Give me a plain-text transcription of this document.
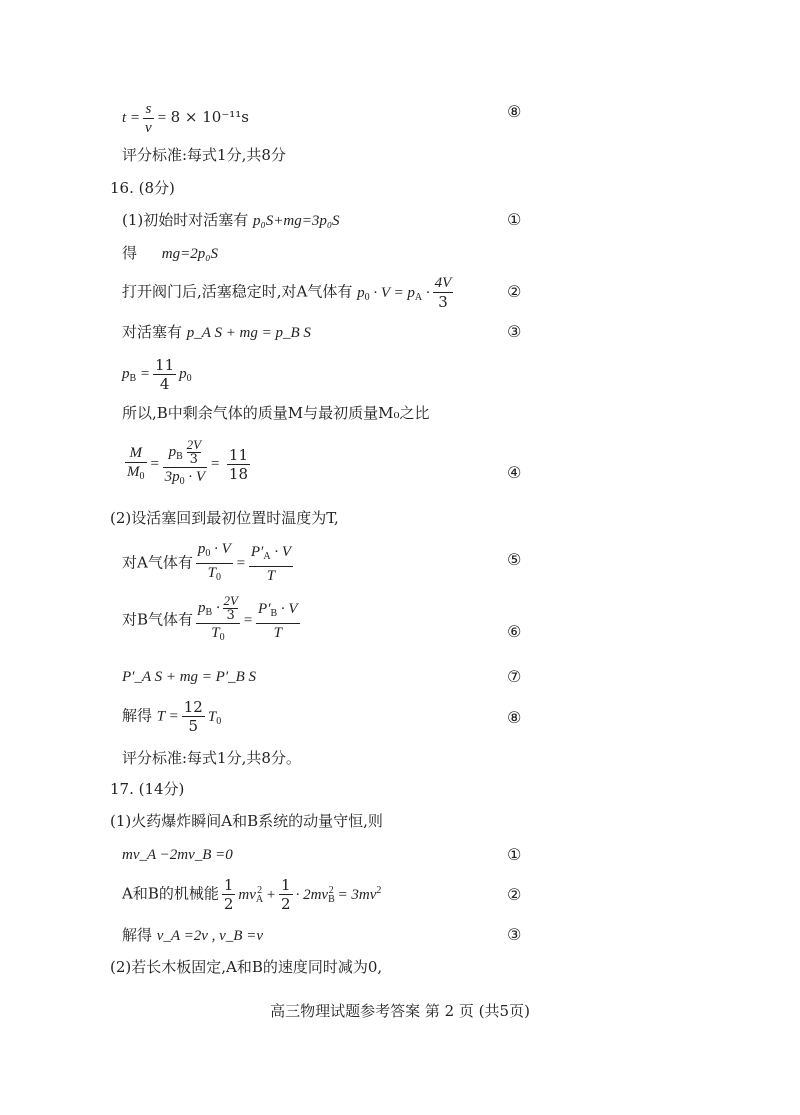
$t = \frac{s}{v} = 8 \times 10^{-11}s$	⑧
评分标准:每式1分,共8分
16. (8分)
(1)初始时对活塞有 p₀S+mg=3p₀S	①
得 mg=2p₀S
打开阀门后,活塞稳定时,对A气体有 $p_0 \cdot V = p_A \cdot \frac{4V}{3}$	②
对活塞有 p_A S + mg = p_B S	③
$p_B = \frac{11}{4} p_0$
所以,B中剩余气体的质量M与最初质量M₀之比
$\frac{M}{M_0} = \frac{p_B \frac{2V}{3}}{3p_0 \cdot V} = \frac{11}{18}$	④
(2)设活塞回到最初位置时温度为T,
对A气体有 $\frac{p_0 \cdot V}{T_0} = \frac{P'_A \cdot V}{T}$	⑤
对B气体有 $\frac{p_B \cdot \frac{2V}{3}}{T_0} = \frac{P'_B \cdot V}{T}$	⑥
P′_A S + mg = P′_B S	⑦
解得 $T = \frac{12}{5} T_0$	⑧
评分标准:每式1分,共8分。
17. (14分)
(1)火药爆炸瞬间A和B系统的动量守恒,则
mv_A −2mv_B =0	①
A和B的机械能 $\frac{1}{2} mv_A^2 + \frac{1}{2} \cdot 2mv_B^2 = 3mv^2$	②
解得 v_A =2v , v_B =v	③
(2)若长木板固定,A和B的速度同时减为0,
高三物理试题参考答案 第 2 页 (共5页)
